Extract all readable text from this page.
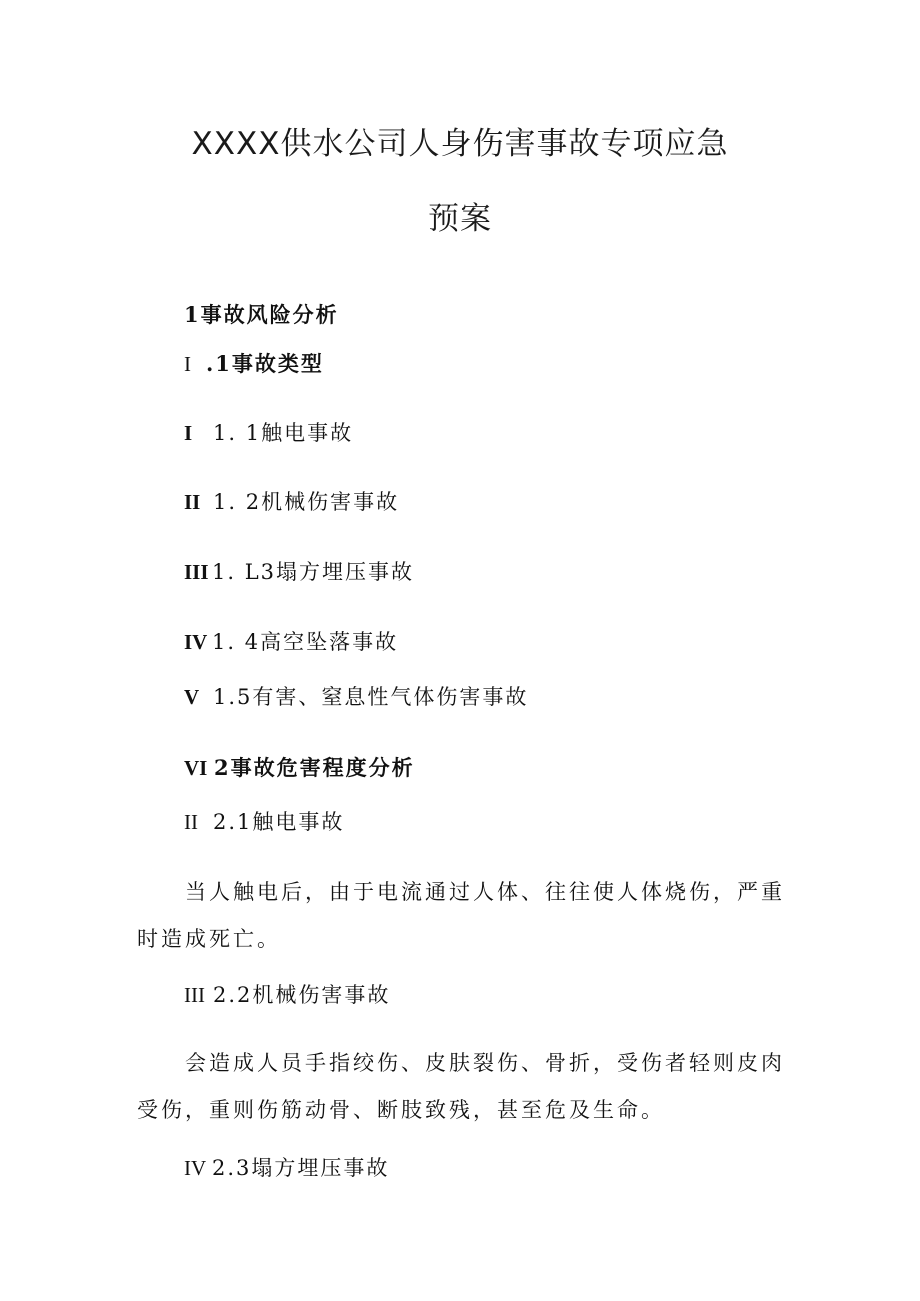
XXXX供水公司人身伤害事故专项应急
预案
1事故风险分析
I .1事故类型
I 1. 1触电事故
II 1. 2机械伤害事故
III 1. L3塌方埋压事故
IV 1. 4高空坠落事故
V 1.5有害、窒息性气体伤害事故
VI 2事故危害程度分析
II 2.1触电事故
当人触电后，由于电流通过人体、往往使人体烧伤，严重时造成死亡。
III 2.2机械伤害事故
会造成人员手指绞伤、皮肤裂伤、骨折，受伤者轻则皮肉受伤，重则伤筋动骨、断肢致残，甚至危及生命。
IV 2.3塌方埋压事故
